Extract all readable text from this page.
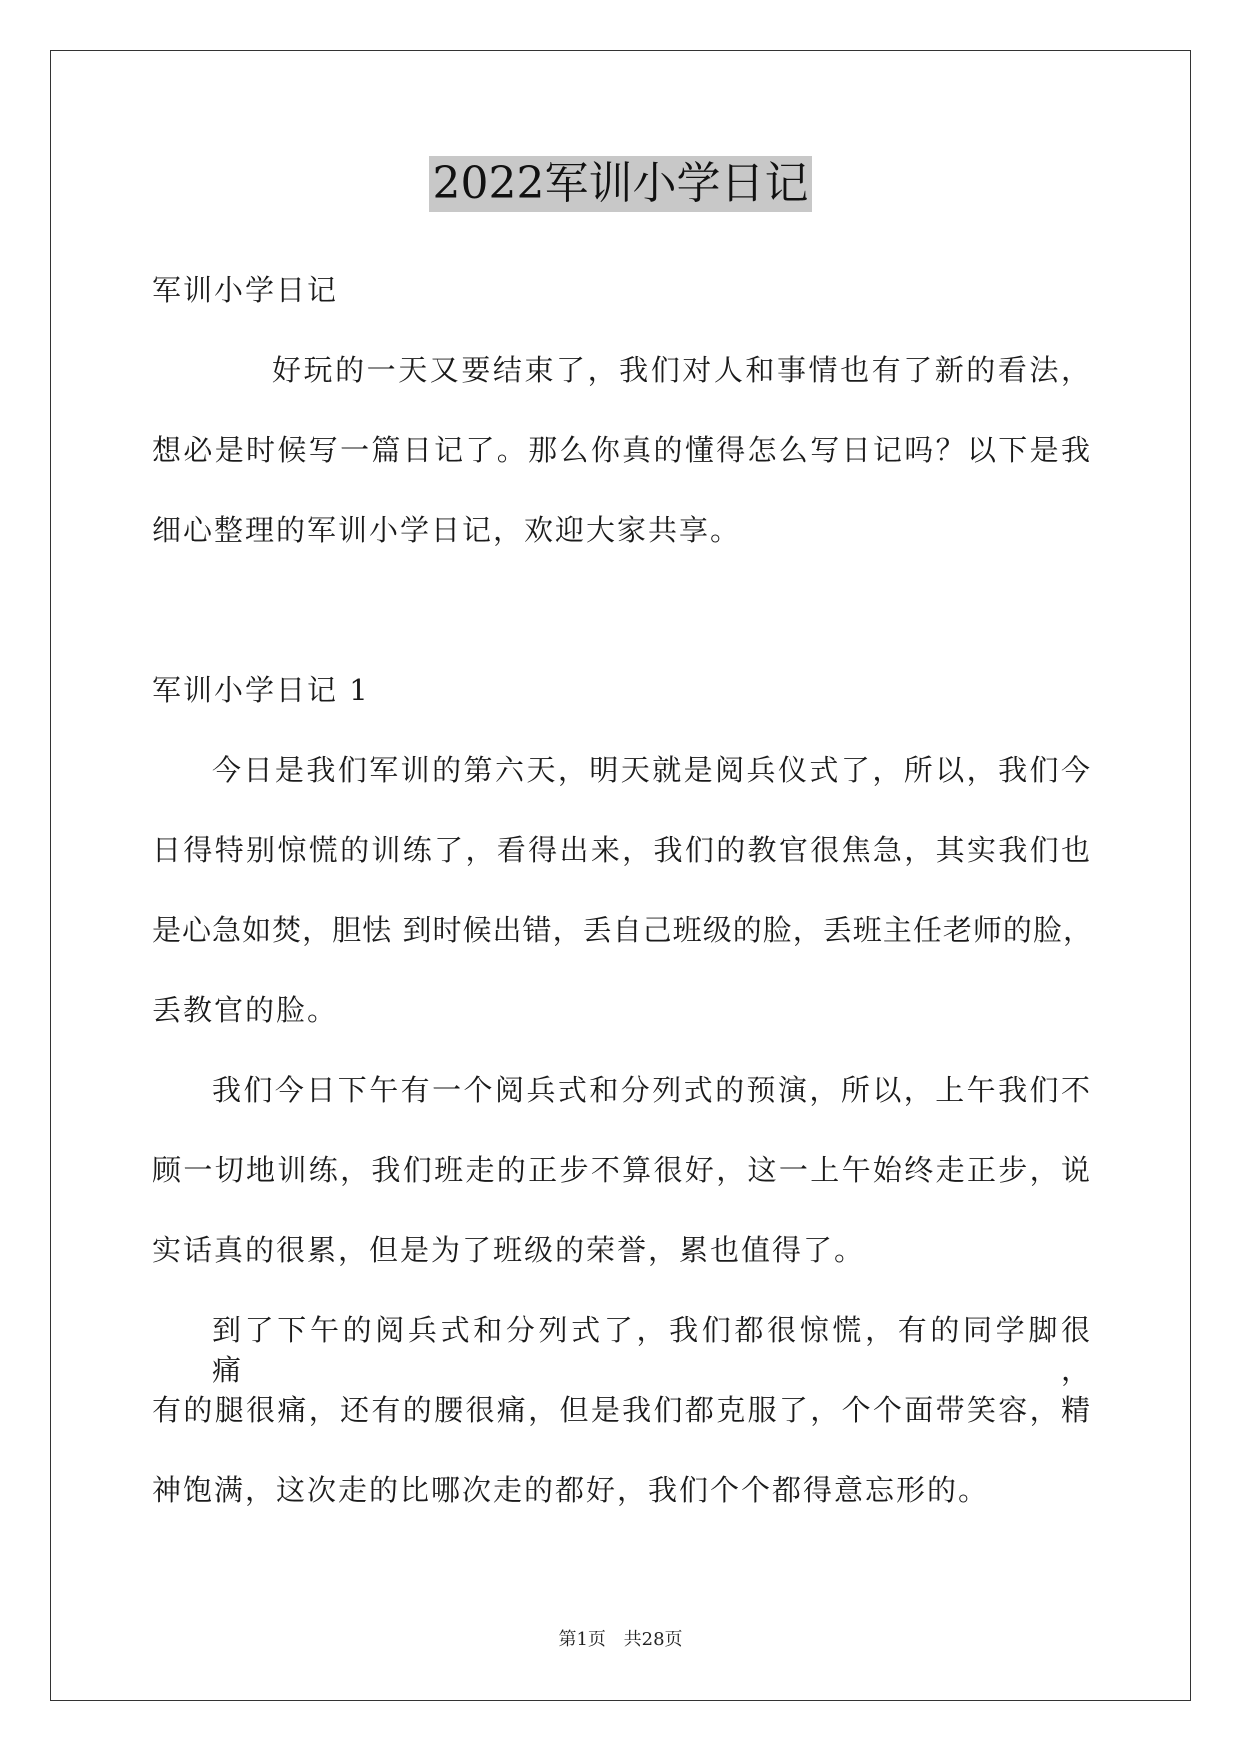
2022军训小学日记
军训小学日记
好玩的一天又要结束了，我们对人和事情也有了新的看法，
想必是时候写一篇日记了。那么你真的懂得怎么写日记吗？以下是我
细心整理的军训小学日记，欢迎大家共享。
军训小学日记 1
今日是我们军训的第六天，明天就是阅兵仪式了，所以，我们今
日得特别惊慌的训练了，看得出来，我们的教官很焦急，其实我们也
是心急如焚，胆怯 到时候出错，丢自己班级的脸，丢班主任老师的脸，
丢教官的脸。
我们今日下午有一个阅兵式和分列式的预演，所以，上午我们不
顾一切地训练，我们班走的正步不算很好，这一上午始终走正步，说
实话真的很累，但是为了班级的荣誉，累也值得了。
到了下午的阅兵式和分列式了，我们都很惊慌，有的同学脚很痛，
有的腿很痛，还有的腰很痛，但是我们都克服了，个个面带笑容，精
神饱满，这次走的比哪次走的都好，我们个个都得意忘形的。
第1页 共28页
